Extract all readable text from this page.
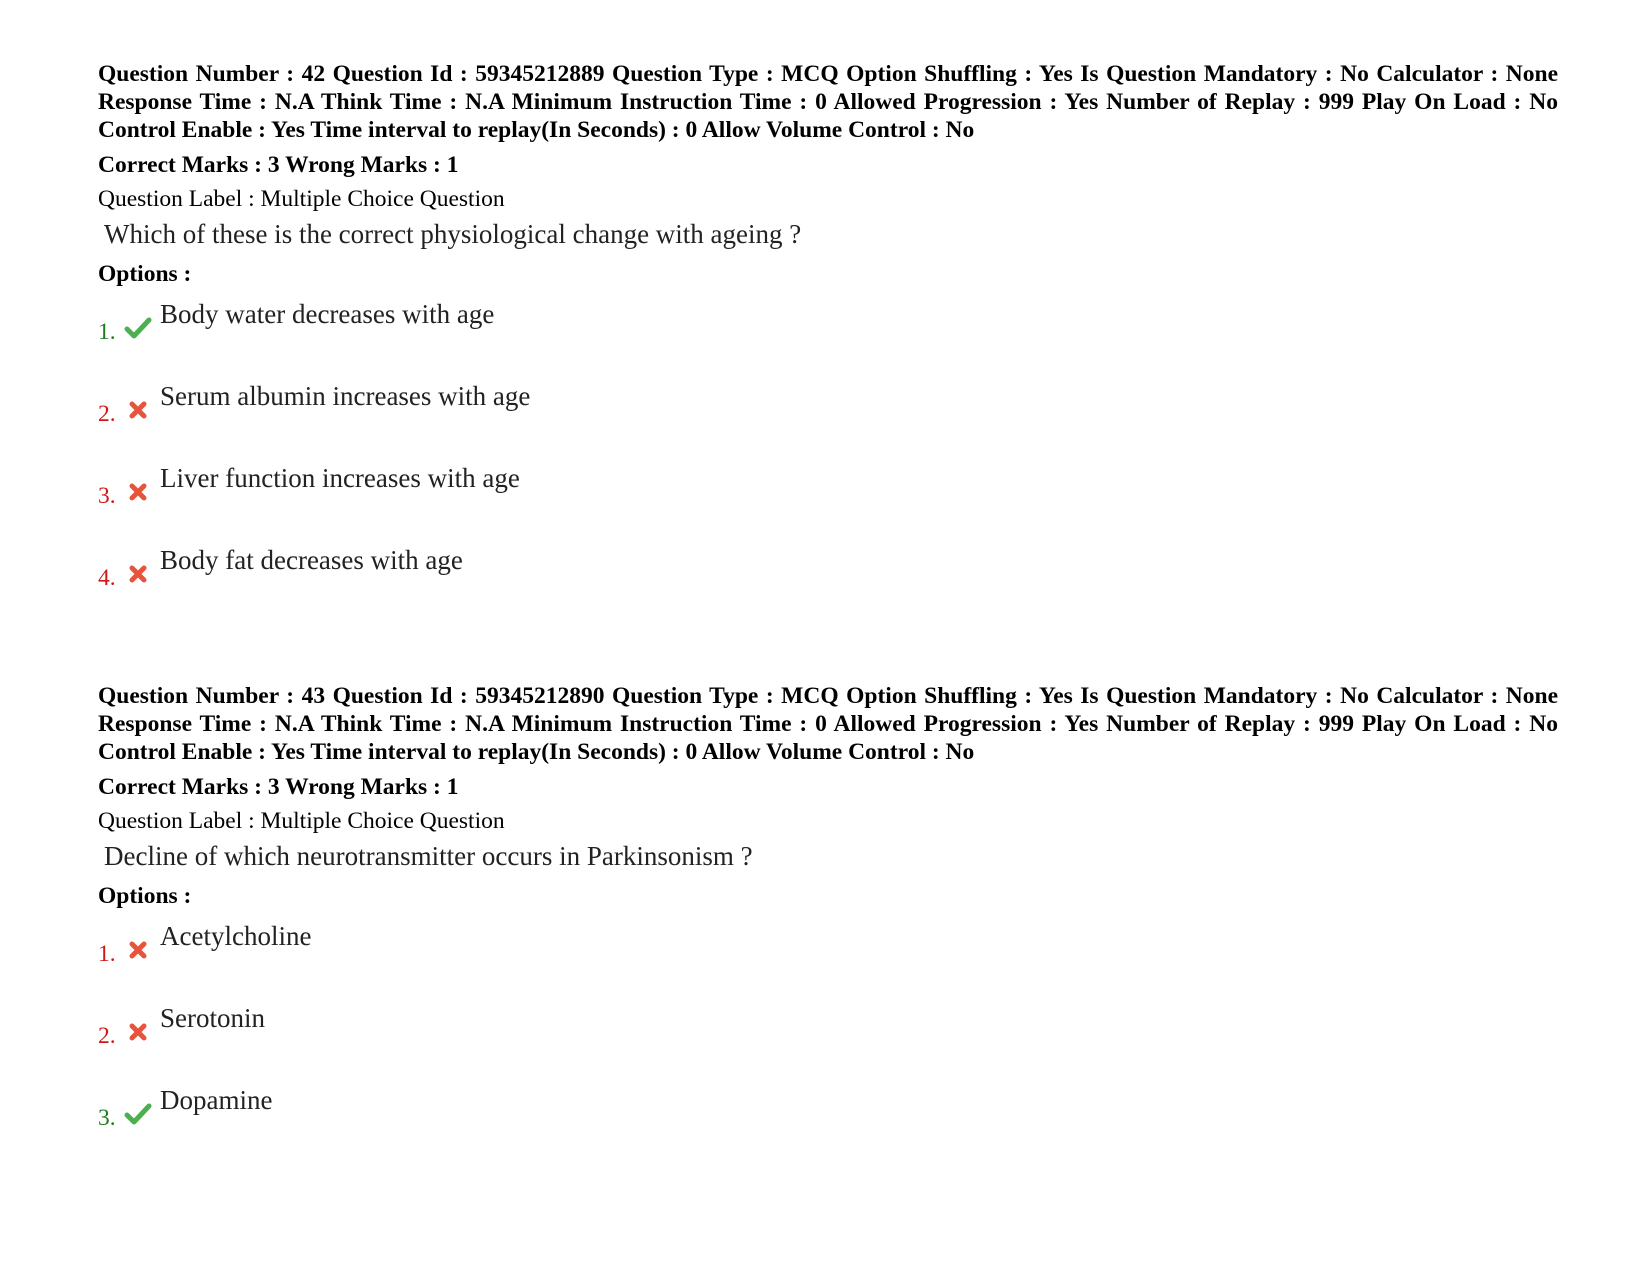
Question Number : 42 Question Id : 59345212889 Question Type : MCQ Option Shuffling : Yes Is Question Mandatory : No Calculator : None Response Time : N.A Think Time : N.A Minimum Instruction Time : 0 Allowed Progression : Yes Number of Replay : 999 Play On Load : No Control Enable : Yes Time interval to replay(In Seconds) : 0 Allow Volume Control : No

Correct Marks : 3 Wrong Marks : 1
Question Label : Multiple Choice Question
Which of these is the correct physiological change with ageing ?
Options :
1.
Body water decreases with age
2.
Serum albumin increases with age
3.
Liver function increases with age
4.
Body fat decreases with age

Question Number : 43 Question Id : 59345212890 Question Type : MCQ Option Shuffling : Yes Is Question Mandatory : No Calculator : None Response Time : N.A Think Time : N.A Minimum Instruction Time : 0 Allowed Progression : Yes Number of Replay : 999 Play On Load : No Control Enable : Yes Time interval to replay(In Seconds) : 0 Allow Volume Control : No

Correct Marks : 3 Wrong Marks : 1
Question Label : Multiple Choice Question
Decline of which neurotransmitter occurs in Parkinsonism ?
Options :
1.
Acetylcholine
2.
Serotonin
3.
Dopamine
